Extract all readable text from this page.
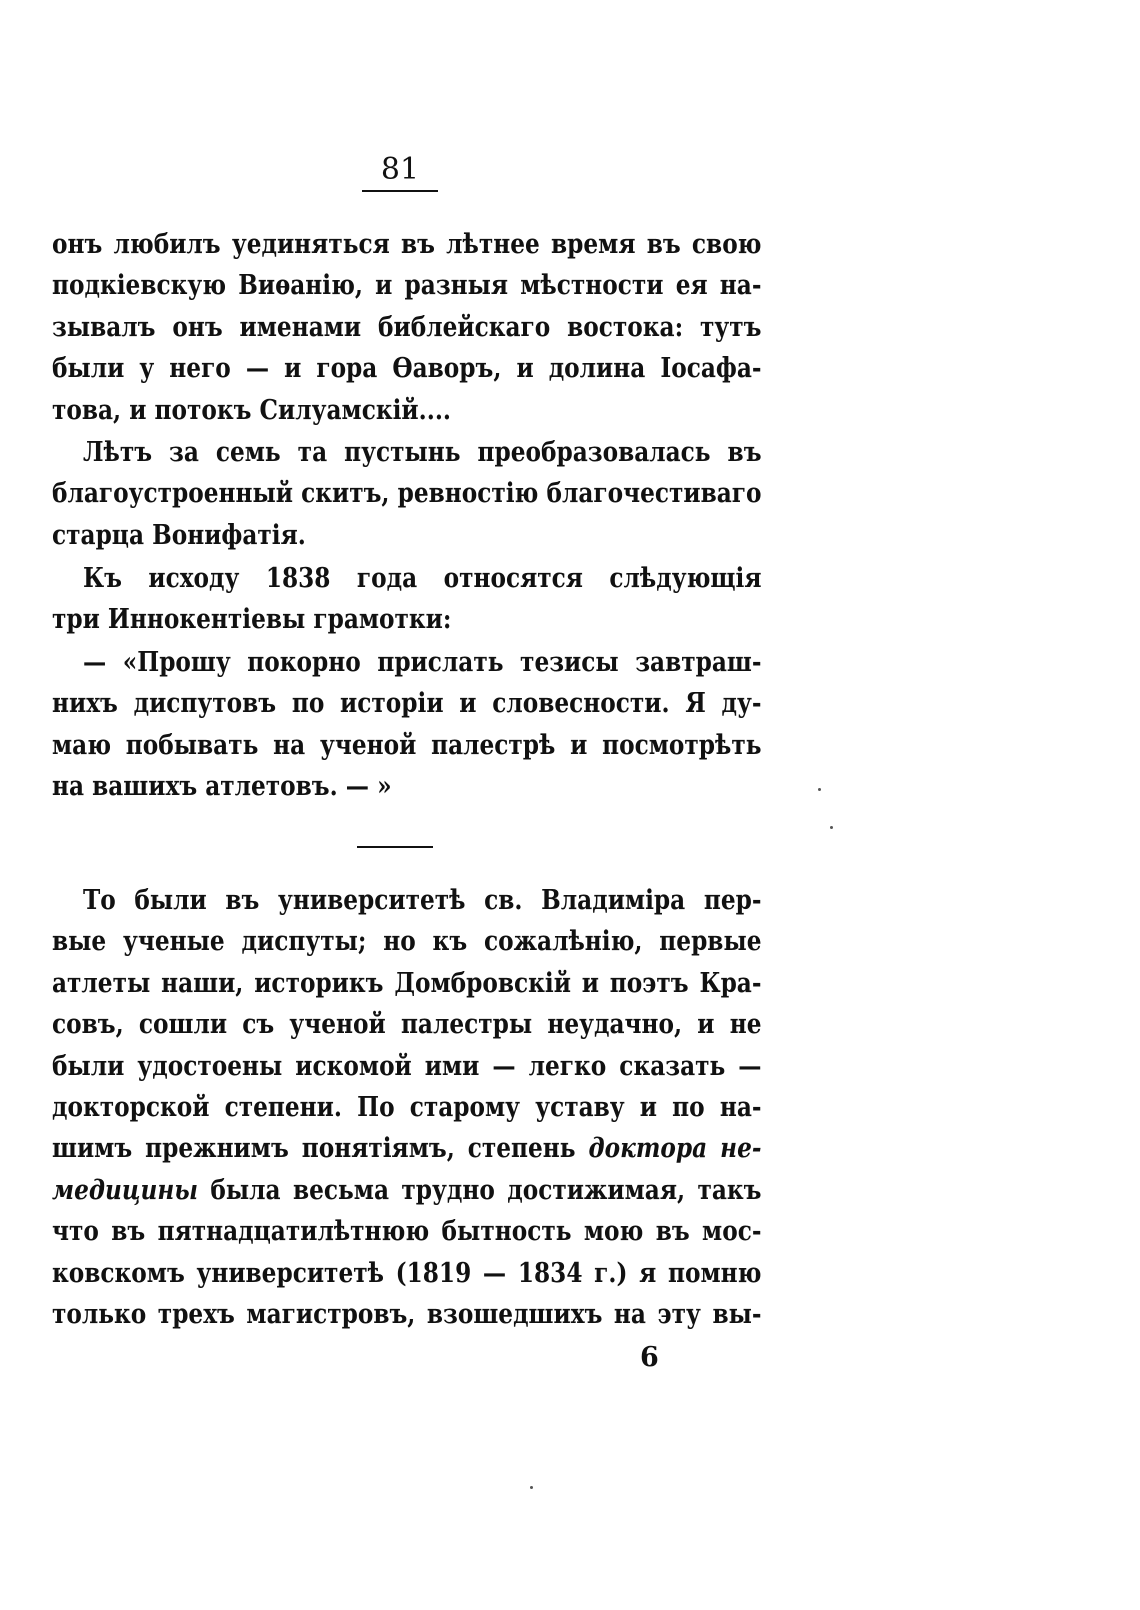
81
онъ любилъ уединяться въ лѣтнее время въ свою
подкіевскую Виѳанію, и разныя мѣстности ея на-
зывалъ онъ именами библейскаго востока: тутъ
были у него — и гора Ѳаворъ, и долина Іосафа-
това, и потокъ Силуамскій....
Лѣтъ за семь та пустынь преобразовалась въ
благоустроенный скитъ, ревностію благочестиваго
старца Вонифатія.
Къ исходу 1838 года относятся слѣдующія
три Иннокентіевы грамотки:
— «Прошу покорно прислать тезисы завтраш-
нихъ диспутовъ по исторіи и словесности. Я ду-
маю побывать на ученой палестрѣ и посмотрѣть
на вашихъ атлетовъ. — »
То были въ университетѣ св. Владиміра пер-
вые ученые диспуты; но къ сожалѣнію, первые
атлеты наши, историкъ Домбровскій и поэтъ Кра-
совъ, сошли съ ученой палестры неудачно, и не
были удостоены искомой ими — легко сказать —
докторской степени. По старому уставу и по на-
шимъ прежнимъ понятіямъ, степень доктора не-
медицины была весьма трудно достижимая, такъ
что въ пятнадцатилѣтнюю бытность мою въ мос-
ковскомъ университетѣ (1819 — 1834 г.) я помню
только трехъ магистровъ, взошедшихъ на эту вы-
6
